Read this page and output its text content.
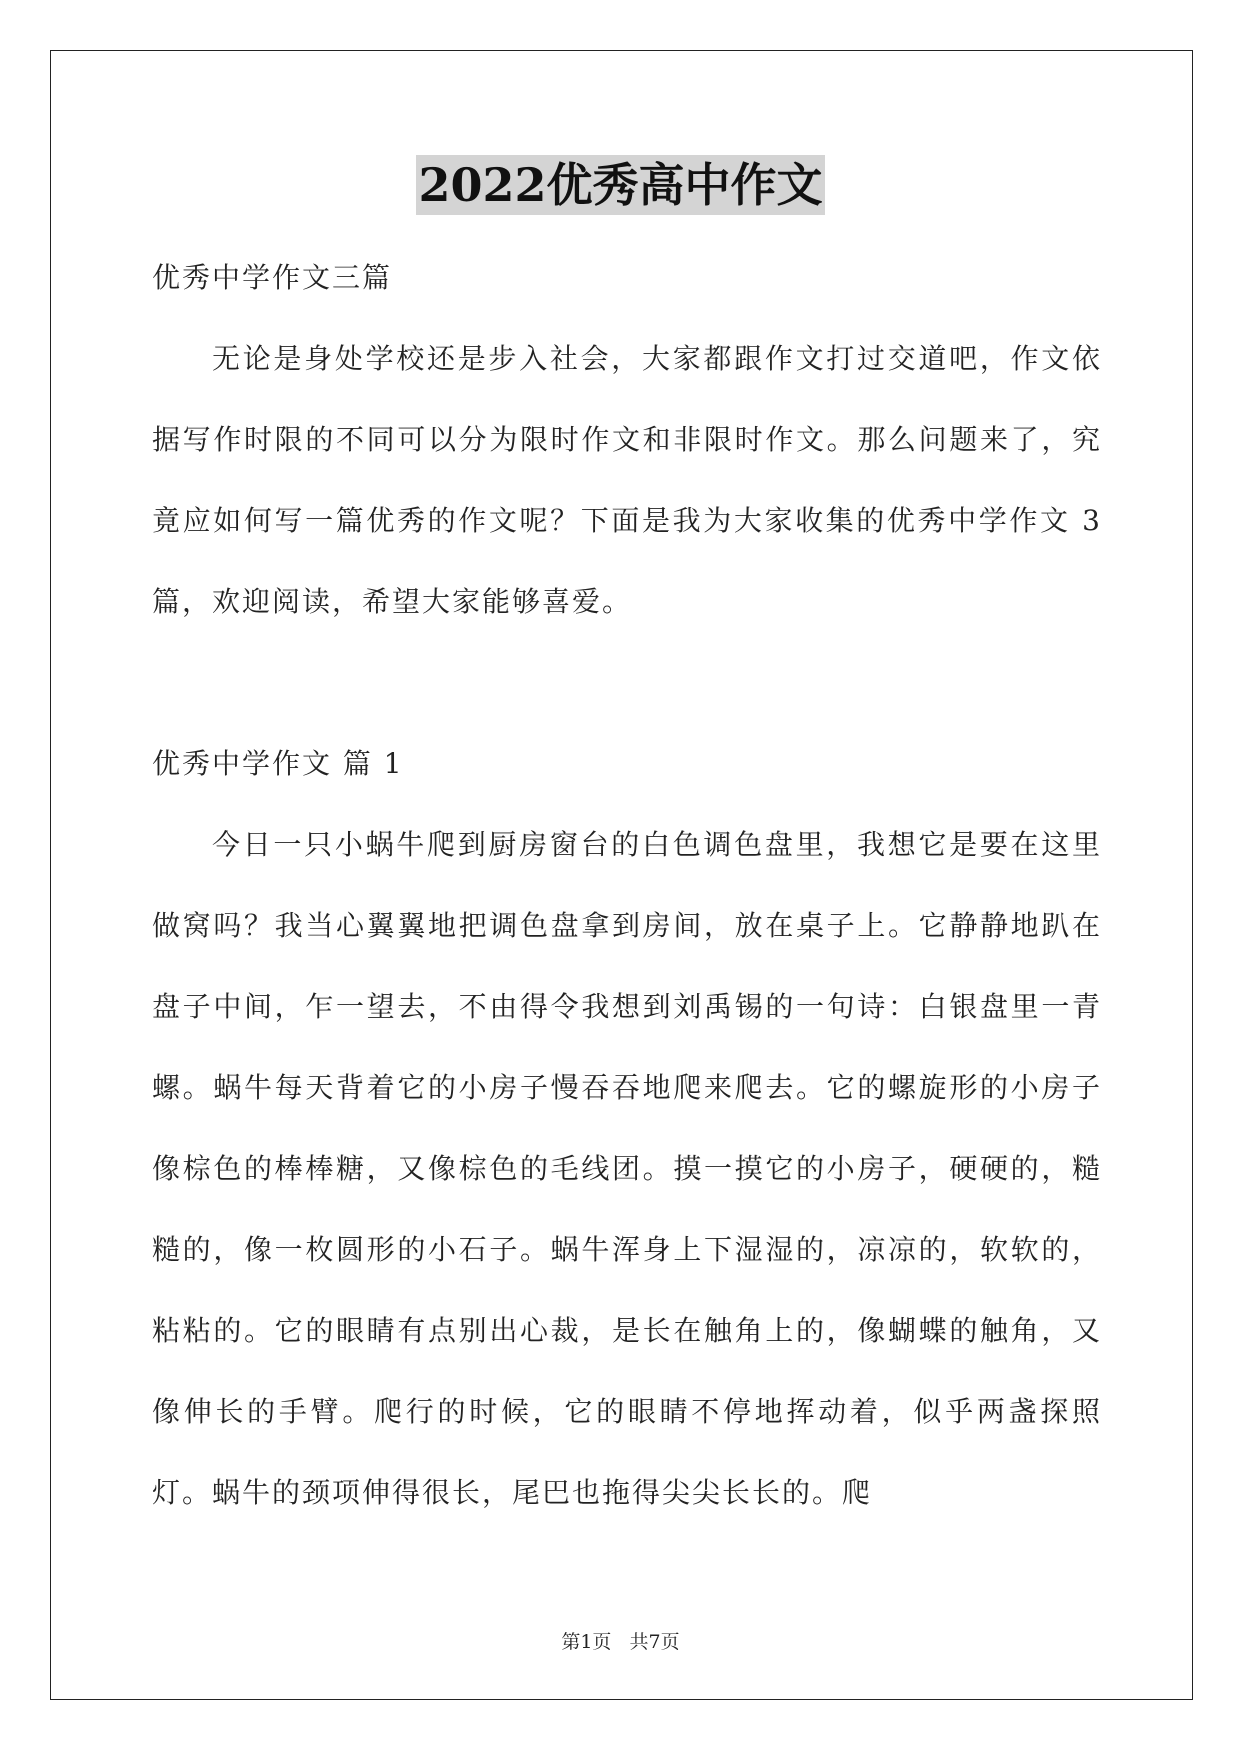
2022优秀高中作文

优秀中学作文三篇

无论是身处学校还是步入社会，大家都跟作文打过交道吧，作文依据写作时限的不同可以分为限时作文和非限时作文。那么问题来了，究竟应如何写一篇优秀的作文呢？下面是我为大家收集的优秀中学作文 3 篇，欢迎阅读，希望大家能够喜爱。

优秀中学作文 篇 1

今日一只小蜗牛爬到厨房窗台的白色调色盘里，我想它是要在这里做窝吗？我当心翼翼地把调色盘拿到房间，放在桌子上。它静静地趴在盘子中间，乍一望去，不由得令我想到刘禹锡的一句诗：白银盘里一青螺。蜗牛每天背着它的小房子慢吞吞地爬来爬去。它的螺旋形的小房子像棕色的棒棒糖，又像棕色的毛线团。摸一摸它的小房子，硬硬的，糙糙的，像一枚圆形的小石子。蜗牛浑身上下湿湿的，凉凉的，软软的，粘粘的。它的眼睛有点别出心裁，是长在触角上的，像蝴蝶的触角，又像伸长的手臂。爬行的时候，它的眼睛不停地挥动着，似乎两盏探照灯。蜗牛的颈项伸得很长，尾巴也拖得尖尖长长的。爬

第1页   共7页
